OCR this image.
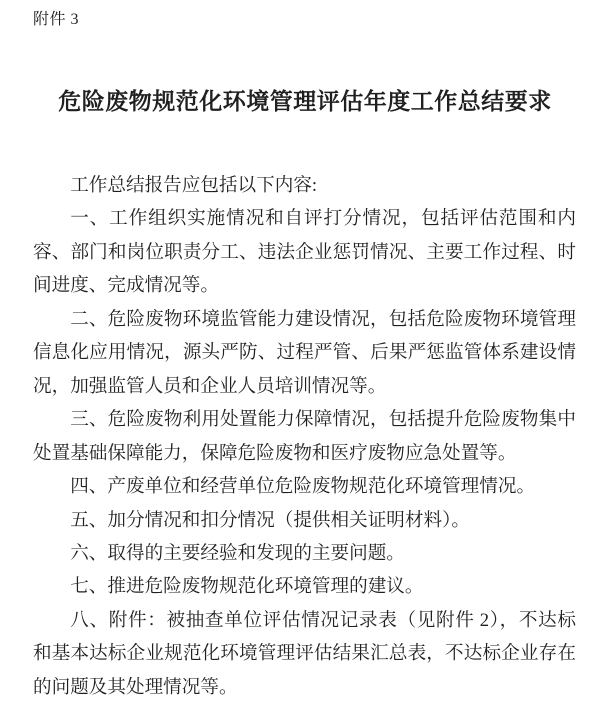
附件 3
危险废物规范化环境管理评估年度工作总结要求

工作总结报告应包括以下内容:

一、工作组织实施情况和自评打分情况，包括评估范围和内容、部门和岗位职责分工、违法企业惩罚情况、主要工作过程、时间进度、完成情况等。

二、危险废物环境监管能力建设情况，包括危险废物环境管理信息化应用情况，源头严防、过程严管、后果严惩监管体系建设情况，加强监管人员和企业人员培训情况等。

三、危险废物利用处置能力保障情况，包括提升危险废物集中处置基础保障能力，保障危险废物和医疗废物应急处置等。

四、产废单位和经营单位危险废物规范化环境管理情况。

五、加分情况和扣分情况（提供相关证明材料）。

六、取得的主要经验和发现的主要问题。

七、推进危险废物规范化环境管理的建议。

八、附件：被抽查单位评估情况记录表（见附件 2），不达标和基本达标企业规范化环境管理评估结果汇总表，不达标企业存在的问题及其处理情况等。
